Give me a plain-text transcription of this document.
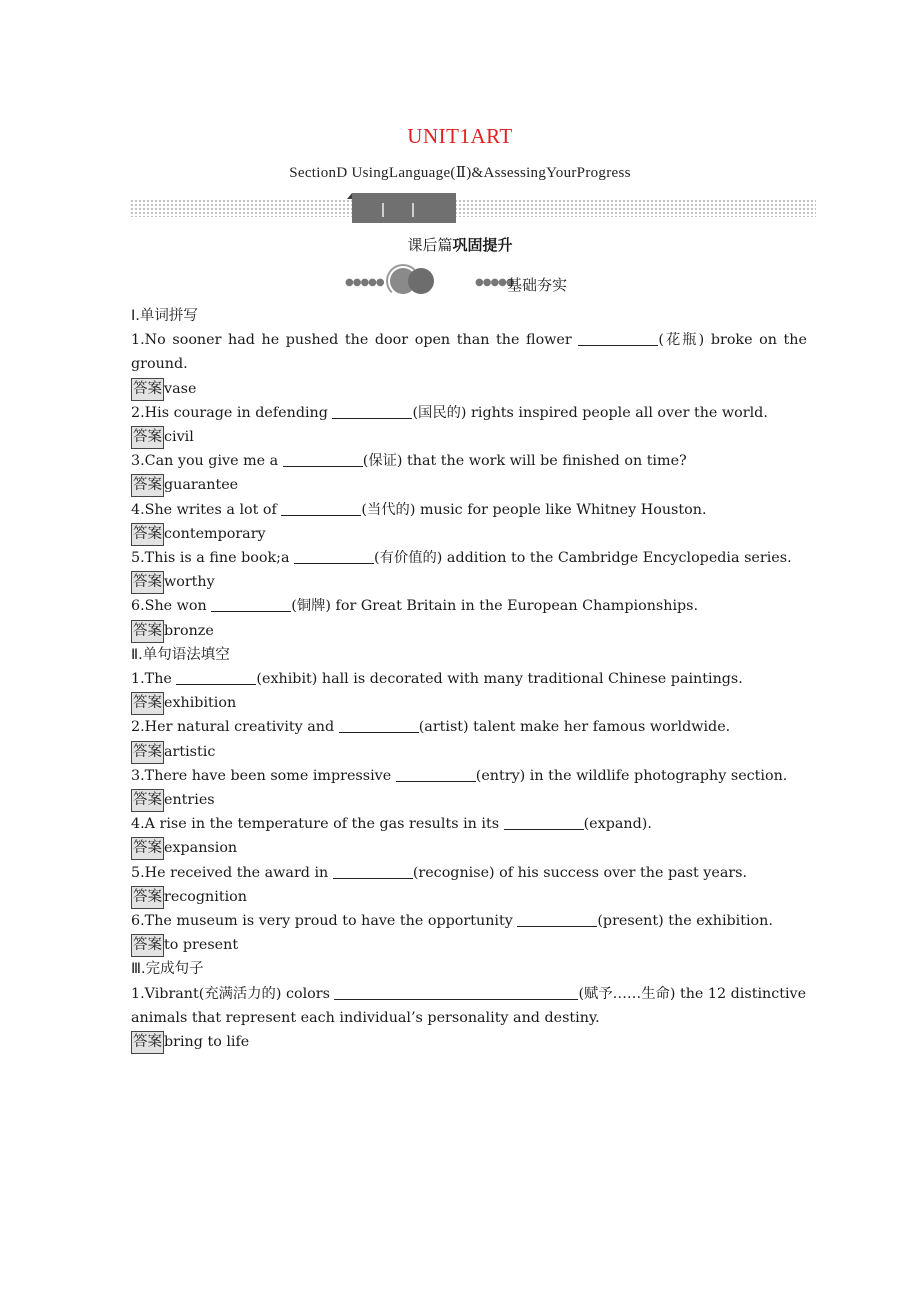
UNIT1ART
SectionD UsingLanguage(Ⅱ)&AssessingYourProgress
课后篇巩固提升
●●●●●	●●●●●
基础夯实

Ⅰ.单词拼写

1.No sooner had he pushed the door open than the flower	(花瓶) broke on the ground.

答案 vase

2.His courage in defending	(国民的) rights inspired people all over the world.

答案 civil

3.Can you give me a	(保证) that the work will be finished on time?

答案 guarantee

4.She writes a lot of	(当代的) music for people like Whitney Houston.

答案 contemporary

5.This is a fine book;a	(有价值的) addition to the Cambridge Encyclopedia series.

答案 worthy

6.She won	(铜牌) for Great Britain in the European Championships.

答案 bronze

Ⅱ.单句语法填空

1.The	(exhibit) hall is decorated with many traditional Chinese paintings.

答案 exhibition

2.Her natural creativity and	(artist) talent make her famous worldwide.

答案 artistic

3.There have been some impressive	(entry) in the wildlife photography section.

答案 entries

4.A rise in the temperature of the gas results in its	(expand).

答案 expansion

5.He received the award in	(recognise) of his success over the past years.

答案 recognition

6.The museum is very proud to have the opportunity	(present) the exhibition.

答案 to present

Ⅲ.完成句子

1.Vibrant(充满活力的) colors	(赋予……生命) the 12 distinctive animals that represent each individual’s personality and destiny.

答案 bring to life
